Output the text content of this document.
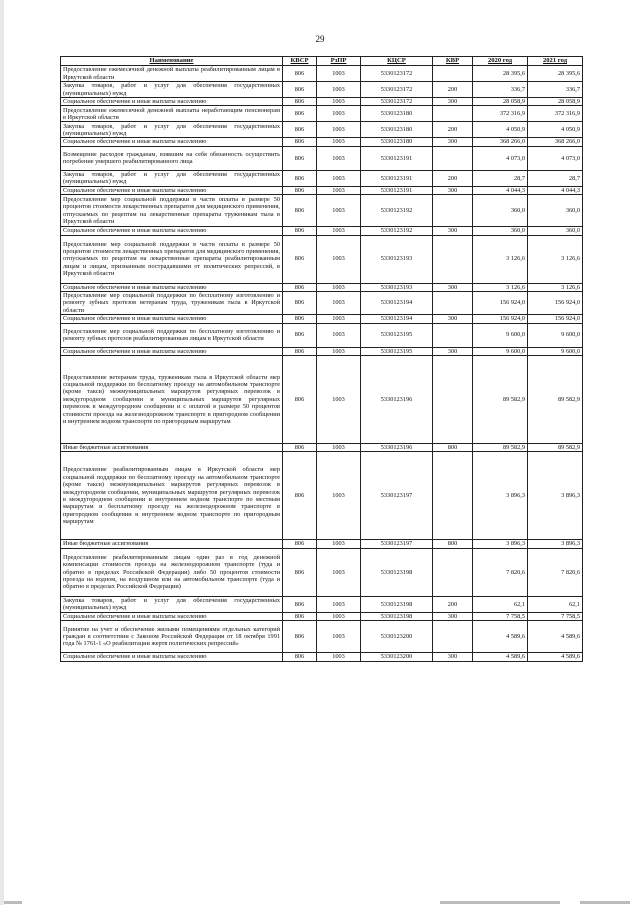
29
Наименование	КВСР	РзПР	КЦСР	КВР	2020 год	2021 год
Предоставление ежемесячной денежной выплаты реабилитированным лицам в Иркутской области	806	1003	5330123172		28 395,6	28 395,6
Закупка товаров, работ и услуг для обеспечения государственных (муниципальных) нужд	806	1003	5330123172	200	336,7	336,7
Социальное обеспечение и иные выплаты населению	806	1003	5330123172	300	28 058,9	28 058,9
Предоставление ежемесячной денежной выплаты неработающим пенсионерам в Иркутской области	806	1003	5330123180		372 316,9	372 316,9
Закупка товаров, работ и услуг для обеспечения государственных (муниципальных) нужд	806	1003	5330123180	200	4 050,9	4 050,9
Социальное обеспечение и иные выплаты населению	806	1003	5330123180	300	368 266,0	368 266,0
Возмещение расходов гражданам, взявшим на себя обязанность осуществить погребение умершего реабилитированного лица	806	1003	5330123191		4 073,0	4 073,0
Закупка товаров, работ и услуг для обеспечения государственных (муниципальных) нужд	806	1003	5330123191	200	28,7	28,7
Социальное обеспечение и иные выплаты населению	806	1003	5330123191	300	4 044,3	4 044,3
Предоставление мер социальной поддержки в части оплаты в размере 50 процентов стоимости лекарственных препаратов для медицинского применения, отпускаемых по рецептам на лекарственные препараты труженикам тыла в Иркутской области	806	1003	5330123192		360,0	360,0
Социальное обеспечение и иные выплаты населению	806	1003	5330123192	300	360,0	360,0
Предоставление мер социальной поддержки в части оплаты в размере 50 процентов стоимости лекарственных препаратов для медицинского применения, отпускаемых по рецептам на лекарственные препараты реабилитированным лицам и лицам, признанным пострадавшими от политических репрессий, в Иркутской области	806	1003	5330123193		3 126,6	3 126,6
Социальное обеспечение и иные выплаты населению	806	1003	5330123193	300	3 126,6	3 126,6
Предоставление мер социальной поддержки по бесплатному изготовлению и ремонту зубных протезов ветеранам труда, труженикам тыла в Иркутской области	806	1003	5330123194		156 924,0	156 924,0
Социальное обеспечение и иные выплаты населению	806	1003	5330123194	300	156 924,0	156 924,0
Предоставление мер социальной поддержки по бесплатному изготовлению и ремонту зубных протезов реабилитированным лицам в Иркутской области	806	1003	5330123195		9 600,0	9 600,0
Социальное обеспечение и иные выплаты населению	806	1003	5330123195	300	9 600,0	9 600,0
Предоставление ветеранам труда, труженикам тыла в Иркутской области мер социальной поддержки по бесплатному проезду на автомобильном транспорте (кроме такси) межмуниципальных маршрутов регулярных перевозок в междугородном сообщении и муниципальных маршрутов регулярных перевозок в междугородном сообщении и с оплатой в размере 50 процентов стоимости проезда на железнодорожном транспорте в пригородном сообщении и внутреннем водном транспорте по пригородным маршрутам	806	1003	5330123196		89 582,9	89 582,9
Иные бюджетные ассигнования	806	1003	5330123196	800	89 582,9	89 582,9
Предоставление реабилитированным лицам в Иркутской области мер социальной поддержки по бесплатному проезду на автомобильном транспорте (кроме такси) межмуниципальных маршрутов регулярных перевозок в междугородном сообщении, муниципальных маршрутов регулярных перевозок в междугородном сообщении и внутреннем водном транспорте по местным маршрутам и бесплатному проезду на железнодорожном транспорте в пригородном сообщении и внутреннем водном транспорте по пригородным маршрутам	806	1003	5330123197		3 896,3	3 896,3
Иные бюджетные ассигнования	806	1003	5330123197	800	3 896,3	3 896,3
Предоставление реабилитированным лицам один раз в год денежной компенсации стоимости проезда на железнодорожном транспорте (туда и обратно в пределах Российской Федерации) либо 50 процентов стоимости проезда на водном, на воздушном или на автомобильном транспорте (туда и обратно в пределах Российской Федерации)	806	1003	5330123198		7 820,6	7 820,6
Закупка товаров, работ и услуг для обеспечения государственных (муниципальных) нужд	806	1003	5330123198	200	62,1	62,1
Социальное обеспечение и иные выплаты населению	806	1003	5330123198	300	7 758,5	7 758,5
Принятие на учет и обеспечение жилыми помещениями отдельных категорий граждан в соответствии с Законом Российской Федерации от 18 октября 1991 года № 1761-1 «О реабилитации жертв политических репрессий»	806	1003	5330123200		4 589,6	4 589,6
Социальное обеспечение и иные выплаты населению	806	1003	5330123200	300	4 589,6	4 589,6
